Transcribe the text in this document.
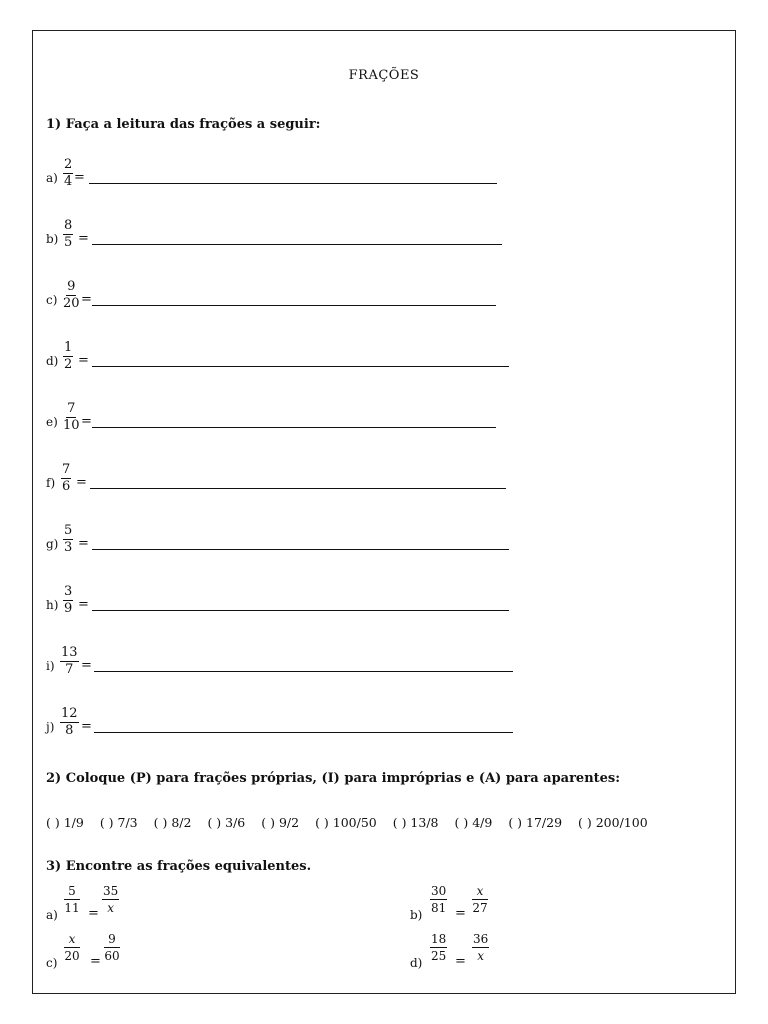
FRAÇÕES
1) Faça a leitura das frações a seguir:
$a) \frac{2}{4}$ =
$b) \frac{8}{5}$ =
$c) \frac{9}{20}$ =
$d) \frac{1}{2}$ =
$e) \frac{7}{10}$ =
$f) \frac{7}{6}$ =
$g) \frac{5}{3}$ =
$h) \frac{3}{9}$ =
$i) \frac{13}{7}$ =
$j) \frac{12}{8}$ =
2) Coloque (P) para frações próprias, (I) para impróprias e (A) para aparentes:
( ) 1/9 ( ) 7/3 ( ) 8/2 ( ) 3/6 ( ) 9/2 ( ) 100/50 ( ) 13/8 ( ) 4/9 ( ) 17/29 ( ) 200/100
3) Encontre as frações equivalentes.
$a) \frac{5}{11} = \frac{35}{x}$	$b) \frac{30}{81} = \frac{x}{27}$
$c) \frac{x}{20} = \frac{9}{60}$	$d) \frac{18}{25} = \frac{36}{x}$
